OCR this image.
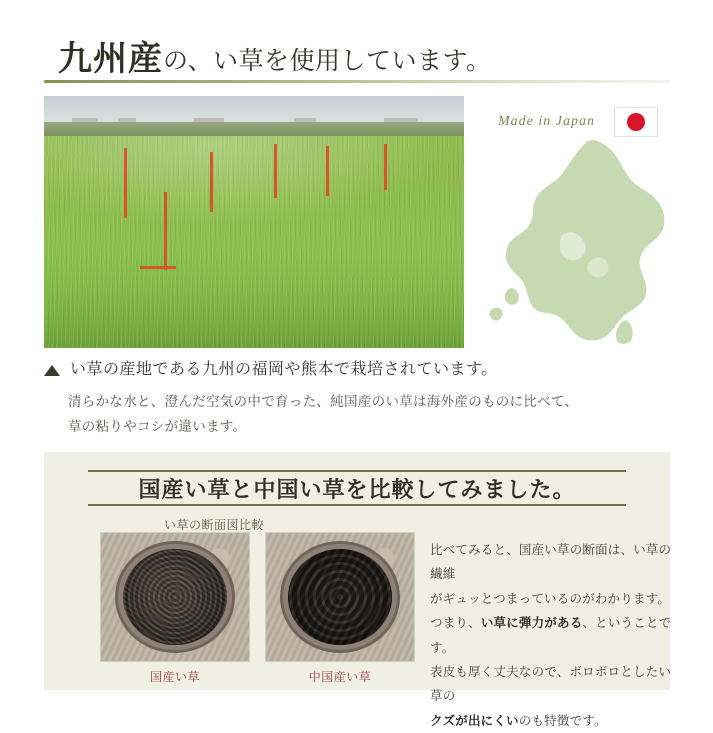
九州産 の、い草を使用しています。
Made in Japan
い草の産地である九州の福岡や熊本で栽培されています。
清らかな水と、澄んだ空気の中で育った、純国産のい草は海外産のものに比べて、
草の粘りやコシが違います。
国産い草と中国い草を比較してみました。
い草の断面図比較
国産い草	中国産い草
比べてみると、国産い草の断面は、い草の繊維
がギュッとつまっているのがわかります。
つまり、い草に弾力がある、ということです。
表皮も厚く丈夫なので、ボロボロとしたい草の
クズが出にくいのも特徴です。
